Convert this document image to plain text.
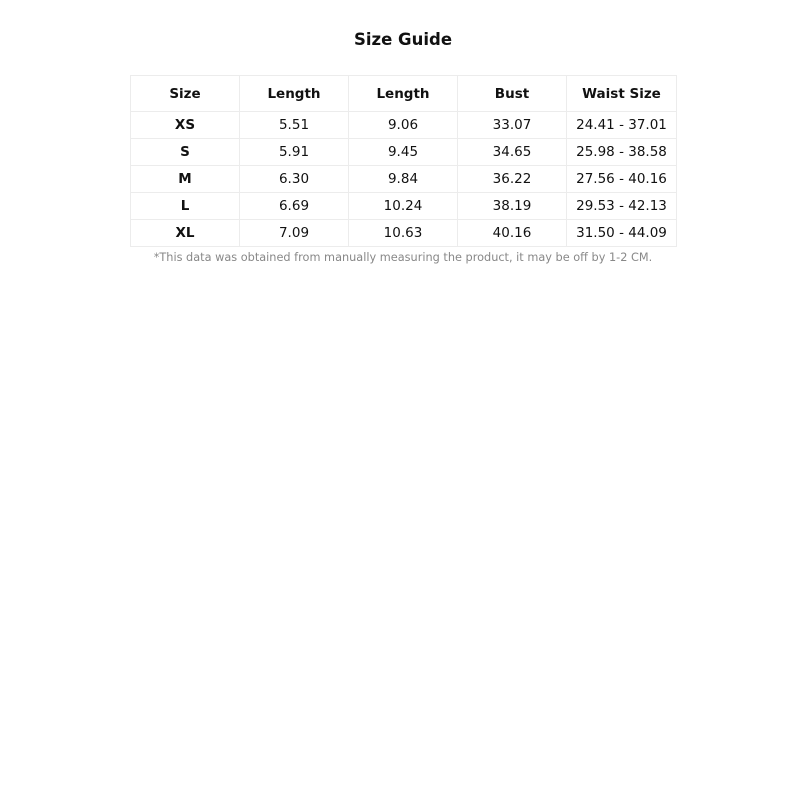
Size Guide
Size	Length	Length	Bust	Waist Size
XS	5.51	9.06	33.07	24.41 - 37.01
S	5.91	9.45	34.65	25.98 - 38.58
M	6.30	9.84	36.22	27.56 - 40.16
L	6.69	10.24	38.19	29.53 - 42.13
XL	7.09	10.63	40.16	31.50 - 44.09
*This data was obtained from manually measuring the product, it may be off by 1-2 CM.
